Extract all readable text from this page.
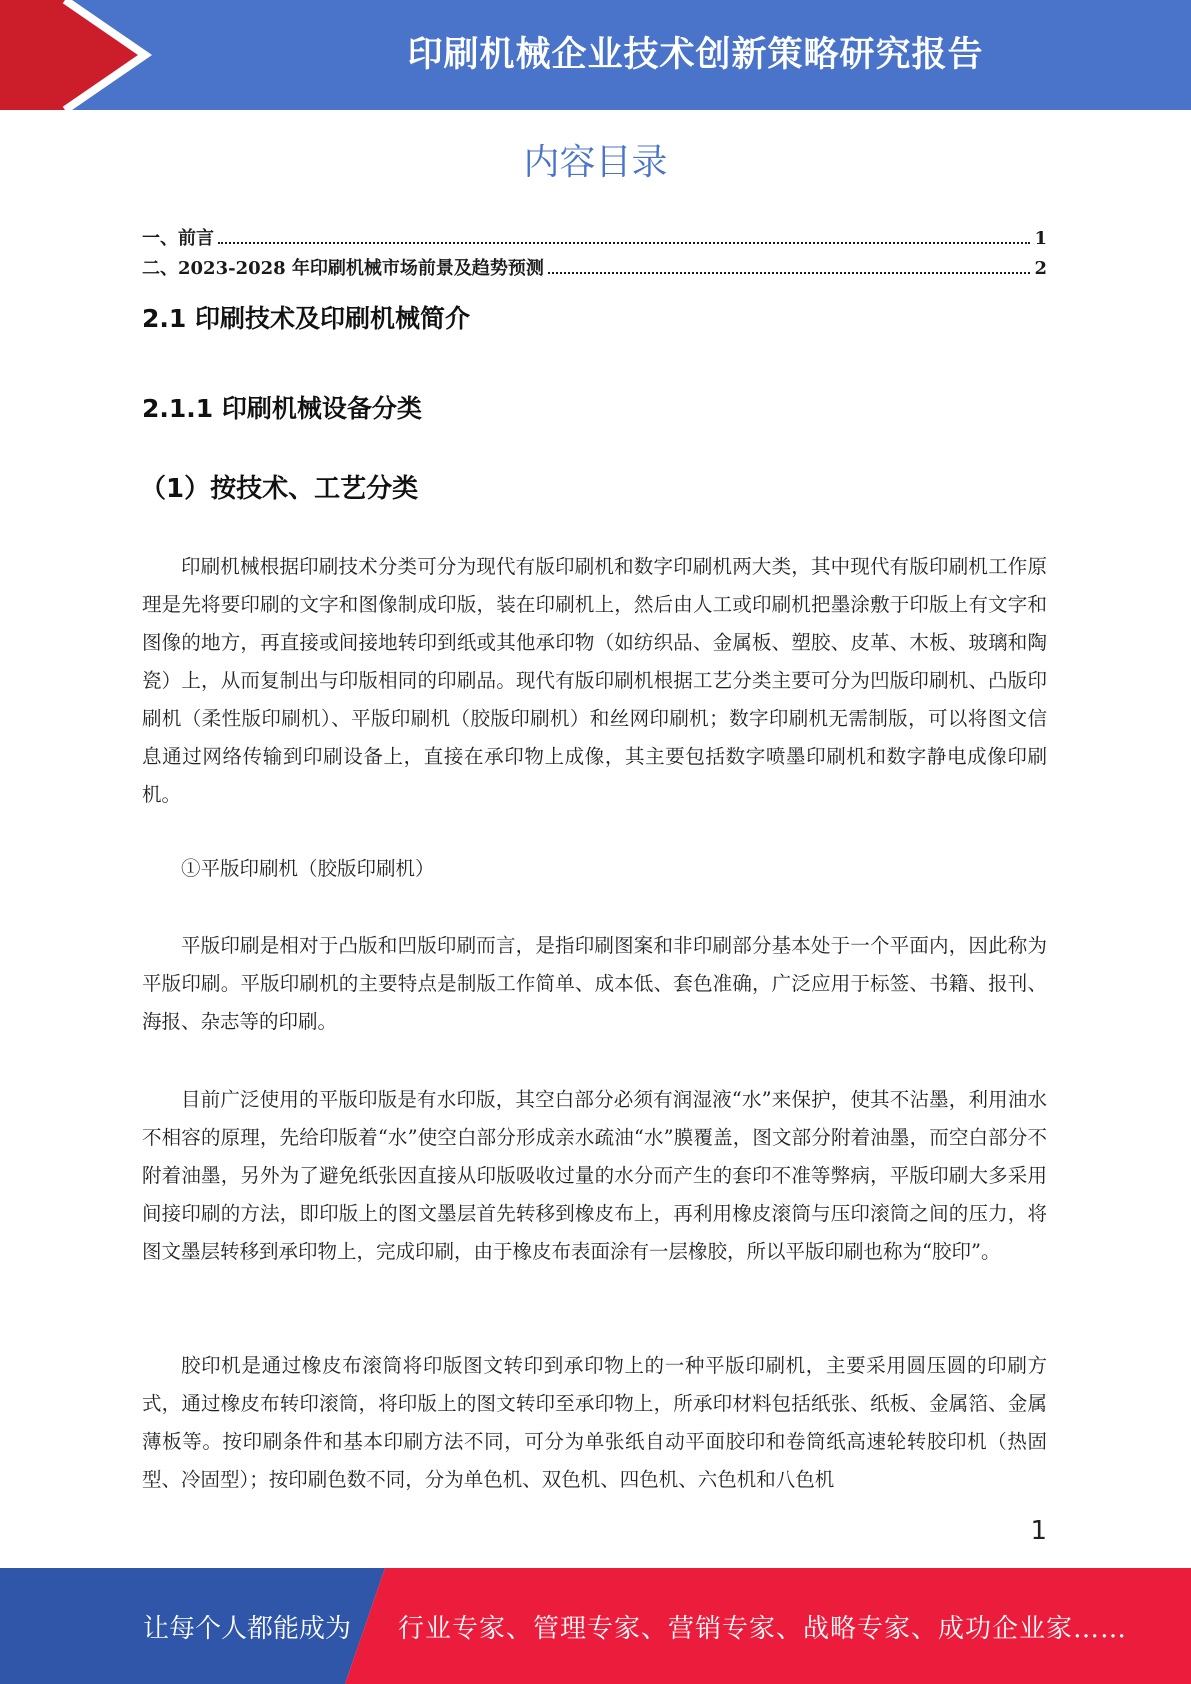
印刷机械企业技术创新策略研究报告
内容目录
一、前言	1
二、2023-2028 年印刷机械市场前景及趋势预测	2
2.1 印刷技术及印刷机械简介
2.1.1 印刷机械设备分类
（1）按技术、工艺分类

印刷机械根据印刷技术分类可分为现代有版印刷机和数字印刷机两大类，其中现代有版印刷机工作原理是先将要印刷的文字和图像制成印版，装在印刷机上，然后由人工或印刷机把墨涂敷于印版上有文字和图像的地方，再直接或间接地转印到纸或其他承印物（如纺织品、金属板、塑胶、皮革、木板、玻璃和陶瓷）上，从而复制出与印版相同的印刷品。现代有版印刷机根据工艺分类主要可分为凹版印刷机、凸版印刷机（柔性版印刷机）、平版印刷机（胶版印刷机）和丝网印刷机；数字印刷机无需制版，可以将图文信息通过网络传输到印刷设备上，直接在承印物上成像，其主要包括数字喷墨印刷机和数字静电成像印刷机。

①平版印刷机（胶版印刷机）

平版印刷是相对于凸版和凹版印刷而言，是指印刷图案和非印刷部分基本处于一个平面内，因此称为平版印刷。平版印刷机的主要特点是制版工作简单、成本低、套色准确，广泛应用于标签、书籍、报刊、海报、杂志等的印刷。

目前广泛使用的平版印版是有水印版，其空白部分必须有润湿液“水”来保护，使其不沾墨，利用油水不相容的原理，先给印版着“水”使空白部分形成亲水疏油“水”膜覆盖，图文部分附着油墨，而空白部分不附着油墨，另外为了避免纸张因直接从印版吸收过量的水分而产生的套印不准等弊病，平版印刷大多采用间接印刷的方法，即印版上的图文墨层首先转移到橡皮布上，再利用橡皮滚筒与压印滚筒之间的压力，将图文墨层转移到承印物上，完成印刷，由于橡皮布表面涂有一层橡胶，所以平版印刷也称为“胶印”。

胶印机是通过橡皮布滚筒将印版图文转印到承印物上的一种平版印刷机，主要采用圆压圆的印刷方式，通过橡皮布转印滚筒，将印版上的图文转印至承印物上，所承印材料包括纸张、纸板、金属箔、金属薄板等。按印刷条件和基本印刷方法不同，可分为单张纸自动平面胶印和卷筒纸高速轮转胶印机（热固型、冷固型）；按印刷色数不同，分为单色机、双色机、四色机、六色机和八色机

1
让每个人都能成为 行业专家、管理专家、营销专家、战略专家、成功企业家……
